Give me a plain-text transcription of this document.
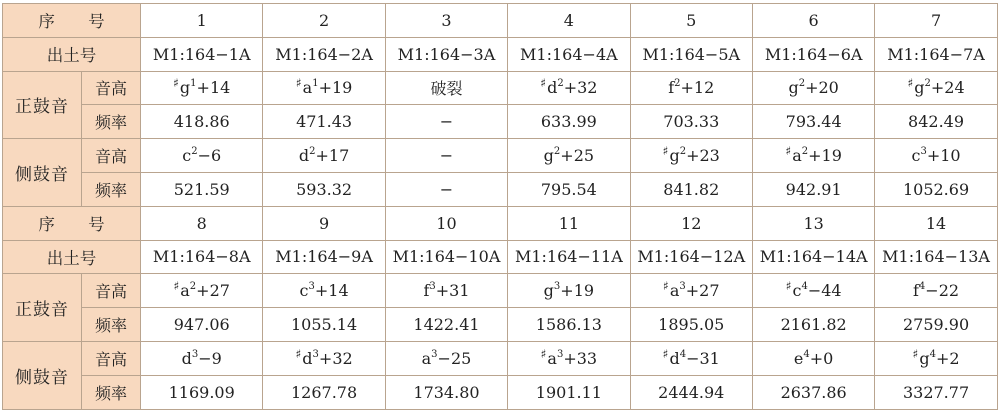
序 号		1	2	3	4	5	6	7
出土号		M1:164−1A	M1:164−2A	M1:164−3A	M1:164−4A	M1:164−5A	M1:164−6A	M1:164−7A
正鼓音	音高	$^♯g^1+14$	$^♯a^1+19$	破裂	$^♯d^2+32$	$f^2+12$	$g^2+20$	$^♯g^2+24$
	频率	418.86	471.43	−	633.99	703.33	793.44	842.49
侧鼓音	音高	$c^2-6$	$d^2+17$	−	$g^2+25$	$^♯g^2+23$	$^♯a^2+19$	$c^3+10$
	频率	521.59	593.32	−	795.54	841.82	942.91	1052.69
序 号		8	9	10	11	12	13	14
出土号		M1:164−8A	M1:164−9A	M1:164−10A	M1:164−11A	M1:164−12A	M1:164−14A	M1:164−13A
正鼓音	音高	$^♯a^2+27$	$c^3+14$	$f^3+31$	$g^3+19$	$^♯a^3+27$	$^♯c^4-44$	$f^4-22$
	频率	947.06	1055.14	1422.41	1586.13	1895.05	2161.82	2759.90
侧鼓音	音高	$d^3-9$	$^♯d^3+32$	$a^3-25$	$^♯a^3+33$	$^♯d^4-31$	$e^4+0$	$^♯g^4+2$
	频率	1169.09	1267.78	1734.80	1901.11	2444.94	2637.86	3327.77
